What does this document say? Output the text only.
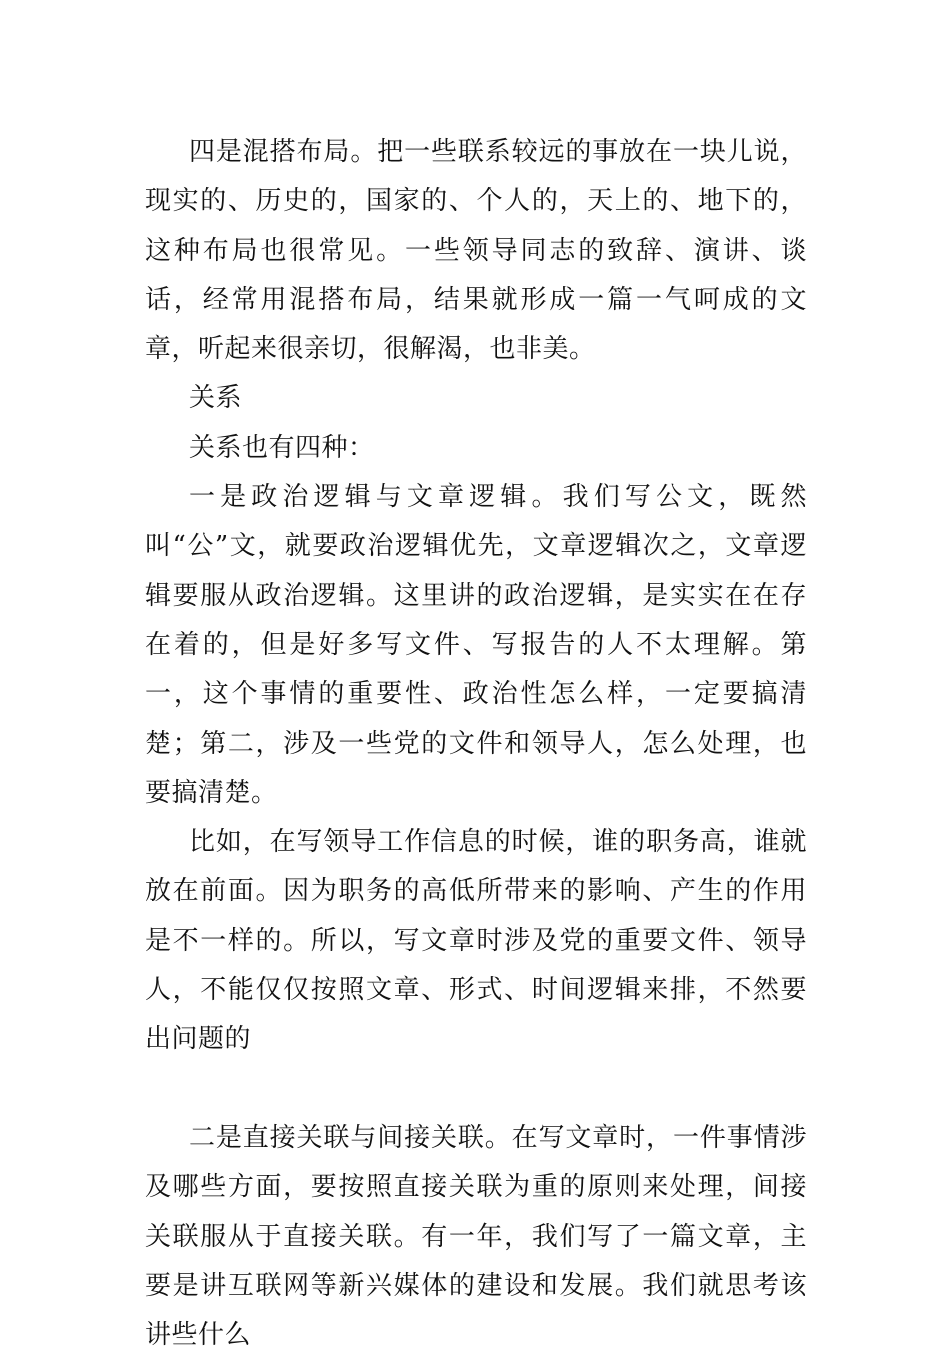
四是混搭布局。把一些联系较远的事放在一块儿说，现实的、历史的，国家的、个人的，天上的、地下的，这种布局也很常见。一些领导同志的致辞、演讲、谈话，经常用混搭布局，结果就形成一篇一气呵成的文章，听起来很亲切，很解渴，也非美。

关系

关系也有四种：

一是政治逻辑与文章逻辑。我们写公文，既然叫“公”文，就要政治逻辑优先，文章逻辑次之，文章逻辑要服从政治逻辑。这里讲的政治逻辑，是实实在在存在着的，但是好多写文件、写报告的人不太理解。第一，这个事情的重要性、政治性怎么样，一定要搞清楚；第二，涉及一些党的文件和领导人，怎么处理，也要搞清楚。

比如，在写领导工作信息的时候，谁的职务高，谁就放在前面。因为职务的高低所带来的影响、产生的作用是不一样的。所以，写文章时涉及党的重要文件、领导人，不能仅仅按照文章、形式、时间逻辑来排，不然要出问题的

二是直接关联与间接关联。在写文章时，一件事情涉及哪些方面，要按照直接关联为重的原则来处理，间接关联服从于直接关联。有一年，我们写了一篇文章，主要是讲互联网等新兴媒体的建设和发展。我们就思考该讲些什么
